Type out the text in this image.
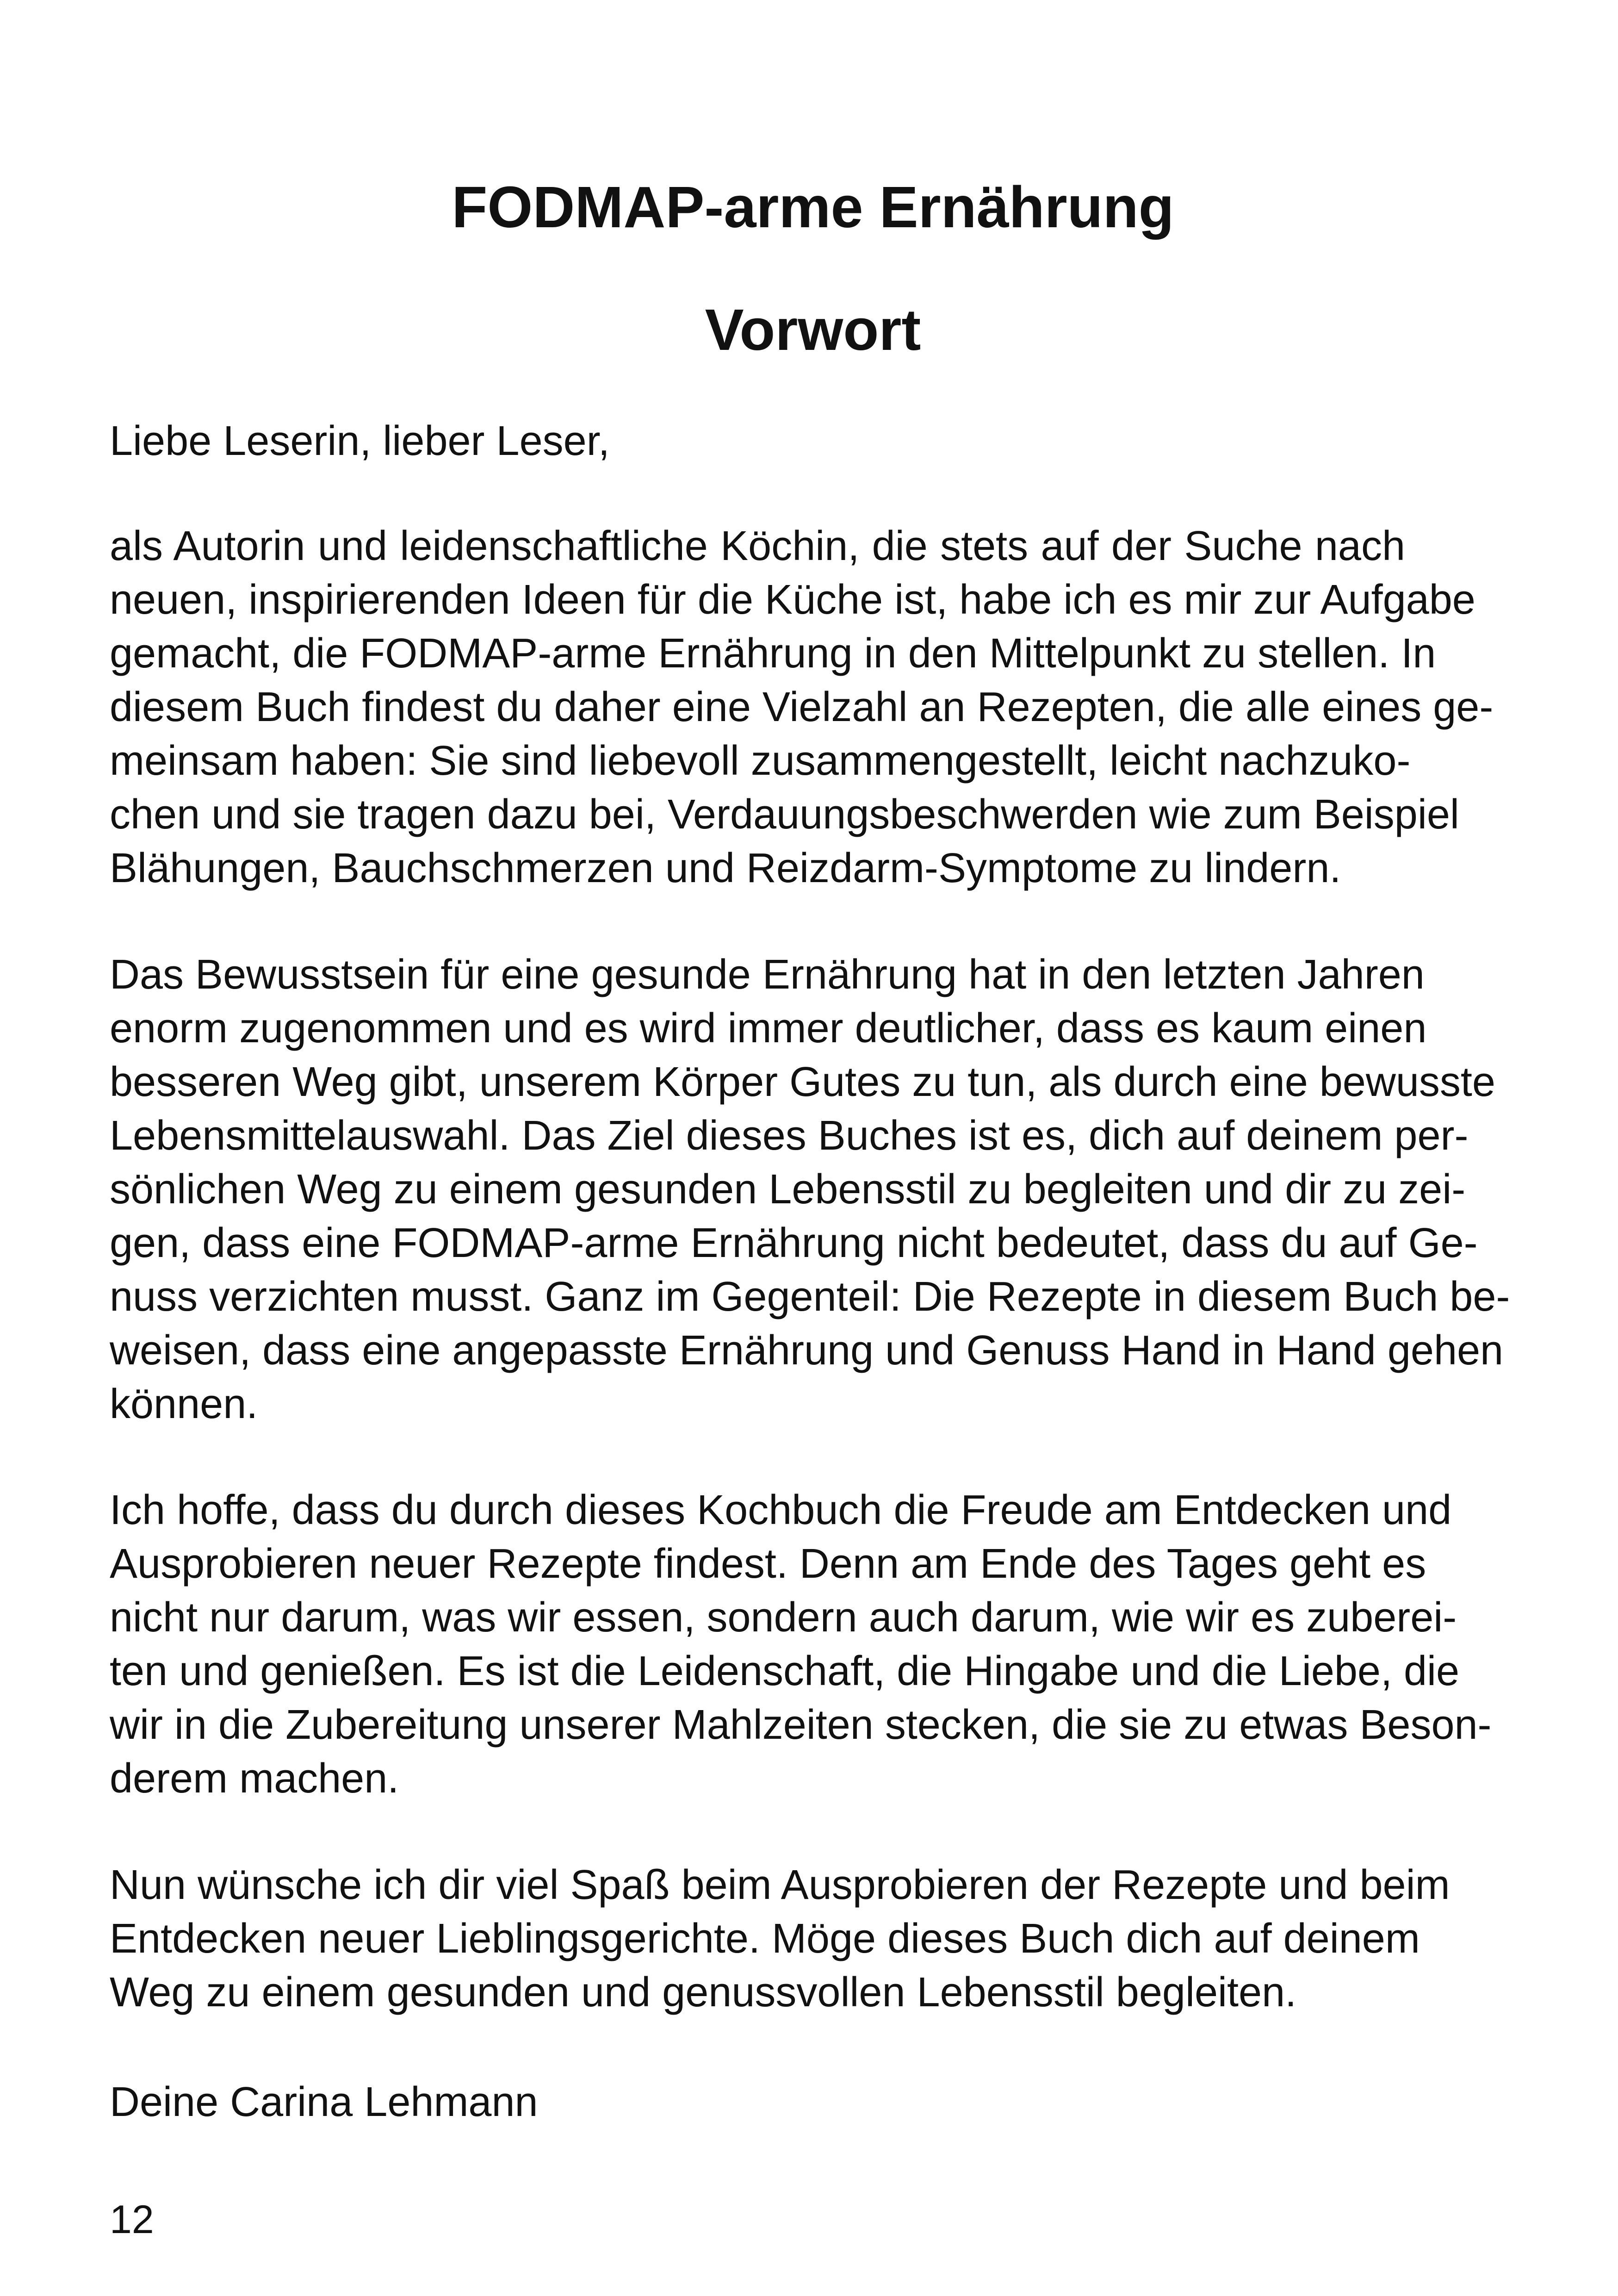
FODMAP-arme Ernährung
Vorwort

Liebe Leserin, lieber Leser,

als Autorin und leidenschaftliche Köchin, die stets auf der Suche nach
neuen, inspirierenden Ideen für die Küche ist, habe ich es mir zur Aufgabe
gemacht, die FODMAP-arme Ernährung in den Mittelpunkt zu stellen. In
diesem Buch findest du daher eine Vielzahl an Rezepten, die alle eines ge-
meinsam haben: Sie sind liebevoll zusammengestellt, leicht nachzuko-
chen und sie tragen dazu bei, Verdauungsbeschwerden wie zum Beispiel
Blähungen, Bauchschmerzen und Reizdarm-Symptome zu lindern.
Das Bewusstsein für eine gesunde Ernährung hat in den letzten Jahren
enorm zugenommen und es wird immer deutlicher, dass es kaum einen
besseren Weg gibt, unserem Körper Gutes zu tun, als durch eine bewusste
Lebensmittelauswahl. Das Ziel dieses Buches ist es, dich auf deinem per-
sönlichen Weg zu einem gesunden Lebensstil zu begleiten und dir zu zei-
gen, dass eine FODMAP-arme Ernährung nicht bedeutet, dass du auf Ge-
nuss verzichten musst. Ganz im Gegenteil: Die Rezepte in diesem Buch be-
weisen, dass eine angepasste Ernährung und Genuss Hand in Hand gehen
können.
Ich hoffe, dass du durch dieses Kochbuch die Freude am Entdecken und
Ausprobieren neuer Rezepte findest. Denn am Ende des Tages geht es
nicht nur darum, was wir essen, sondern auch darum, wie wir es zuberei-
ten und genießen. Es ist die Leidenschaft, die Hingabe und die Liebe, die
wir in die Zubereitung unserer Mahlzeiten stecken, die sie zu etwas Beson-
derem machen.
Nun wünsche ich dir viel Spaß beim Ausprobieren der Rezepte und beim
Entdecken neuer Lieblingsgerichte. Möge dieses Buch dich auf deinem
Weg zu einem gesunden und genussvollen Lebensstil begleiten.

Deine Carina Lehmann

12
